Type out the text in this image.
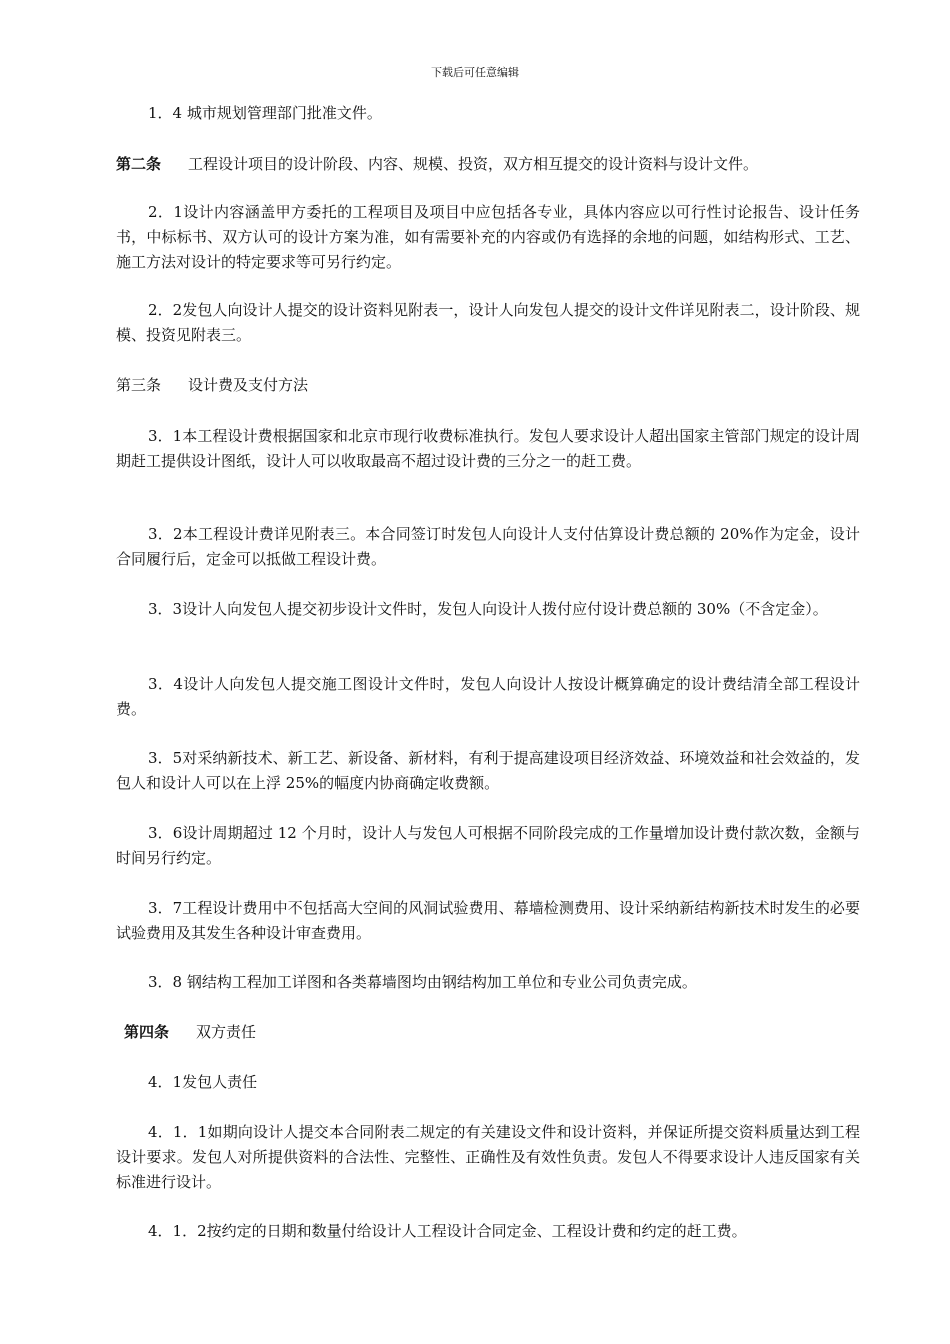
下载后可任意编辑
1．4 城市规划管理部门批准文件。
第二条 工程设计项目的设计阶段、内容、规模、投资，双方相互提交的设计资料与设计文件。
2．1设计内容涵盖甲方委托的工程项目及项目中应包括各专业，具体内容应以可行性讨论报告、设计任务书，中标标书、双方认可的设计方案为准，如有需要补充的内容或仍有选择的余地的问题，如结构形式、工艺、施工方法对设计的特定要求等可另行约定。
2．2发包人向设计人提交的设计资料见附表一，设计人向发包人提交的设计文件详见附表二，设计阶段、规模、投资见附表三。
第三条 设计费及支付方法
3．1本工程设计费根据国家和北京市现行收费标准执行。发包人要求设计人超出国家主管部门规定的设计周期赶工提供设计图纸，设计人可以收取最高不超过设计费的三分之一的赶工费。
3．2本工程设计费详见附表三。本合同签订时发包人向设计人支付估算设计费总额的 20%作为定金，设计合同履行后，定金可以抵做工程设计费。
3．3设计人向发包人提交初步设计文件时，发包人向设计人拨付应付设计费总额的 30%（不含定金）。
3．4设计人向发包人提交施工图设计文件时，发包人向设计人按设计概算确定的设计费结清全部工程设计费。
3．5对采纳新技术、新工艺、新设备、新材料，有利于提高建设项目经济效益、环境效益和社会效益的，发包人和设计人可以在上浮 25%的幅度内协商确定收费额。
3．6设计周期超过 12 个月时，设计人与发包人可根据不同阶段完成的工作量增加设计费付款次数，金额与时间另行约定。
3．7工程设计费用中不包括高大空间的风洞试验费用、幕墙检测费用、设计采纳新结构新技术时发生的必要试验费用及其发生各种设计审查费用。
3．8 钢结构工程加工详图和各类幕墙图均由钢结构加工单位和专业公司负责完成。
第四条 双方责任
4．1发包人责任
4．1．1如期向设计人提交本合同附表二规定的有关建设文件和设计资料，并保证所提交资料质量达到工程设计要求。发包人对所提供资料的合法性、完整性、正确性及有效性负责。发包人不得要求设计人违反国家有关标准进行设计。
4．1．2按约定的日期和数量付给设计人工程设计合同定金、工程设计费和约定的赶工费。
